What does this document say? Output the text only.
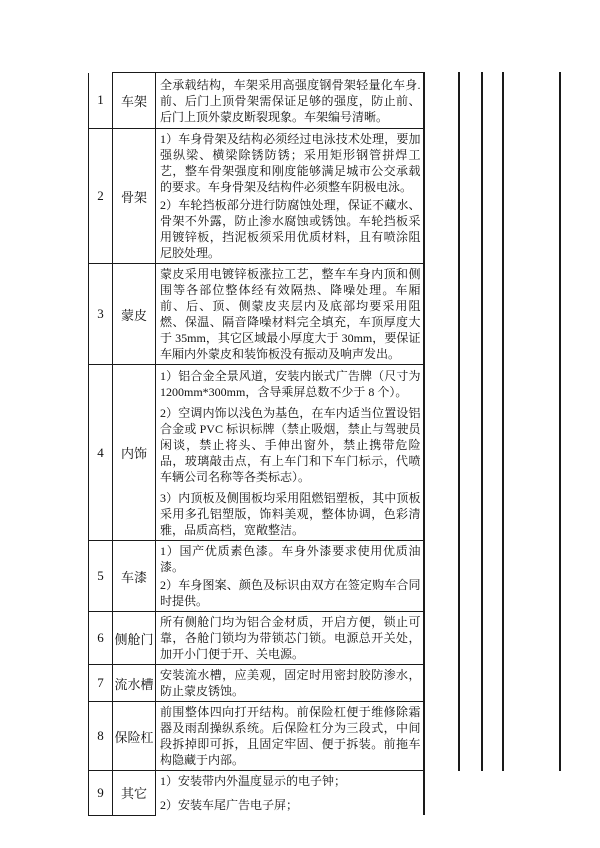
1	车架	全承载结构，车架采用高强度钢骨架轻量化车身.前、后门上顶骨架需保证足够的强度，防止前、后门上顶外蒙皮断裂现象。车架编号清晰。

2	骨架	1）车身骨架及结构必须经过电泳技术处理，要加强纵梁、横梁除锈防锈；采用矩形钢管拼焊工艺，整车骨架强度和刚度能够满足城市公交承载的要求。车身骨架及结构件必须整车阴极电泳。

2）车轮挡板部分进行防腐蚀处理，保证不藏水、骨架不外露，防止渗水腐蚀或锈蚀。车轮挡板采用镀锌板，挡泥板须采用优质材料，且有喷涂阻尼胶处理。

3	蒙皮	蒙皮采用电镀锌板涨拉工艺，整车车身内顶和侧围等各部位整体经有效隔热、降噪处理。车厢前、后、顶、侧蒙皮夹层内及底部均要采用阻燃、保温、隔音降噪材料完全填充，车顶厚度大于 35mm，其它区域最小厚度大于 30mm，要保证车厢内外蒙皮和装饰板没有振动及响声发出。

4	内饰	1）铝合金全景风道，安装内嵌式广告牌（尺寸为1200mm*300mm，含导乘屏总数不少于 8 个）。

2）空调内饰以浅色为基色，在车内适当位置设铝合金或 PVC 标识标牌（禁止吸烟，禁止与驾驶员闲谈，禁止将头、手伸出窗外，禁止携带危险品，玻璃敲击点，有上车门和下车门标示，代喷车辆公司名称等各类标志）。

3）内顶板及侧围板均采用阻燃铝塑板，其中顶板采用多孔铝塑版，饰料美观，整体协调，色彩清雅，品质高档，宽敞整洁。

5	车漆	1）国产优质素色漆。车身外漆要求使用优质油漆。

2）车身图案、颜色及标识由双方在签定购车合同时提供。

6	侧舱门	所有侧舱门均为铝合金材质，开启方便，锁止可靠，各舱门锁均为带锁芯门锁。电源总开关处，加开小门便于开、关电源。

7	流水槽	安装流水槽，应美观，固定时用密封胶防渗水，防止蒙皮锈蚀。

8	保险杠	前围整体四向打开结构。前保险杠便于维修除霜器及雨刮操纵系统。后保险杠分为三段式，中间段拆掉即可拆，且固定牢固、便于拆装。前拖车构隐藏于内部。

9	其它	1）安装带内外温度显示的电子钟；

2）安装车尾广告电子屏；
